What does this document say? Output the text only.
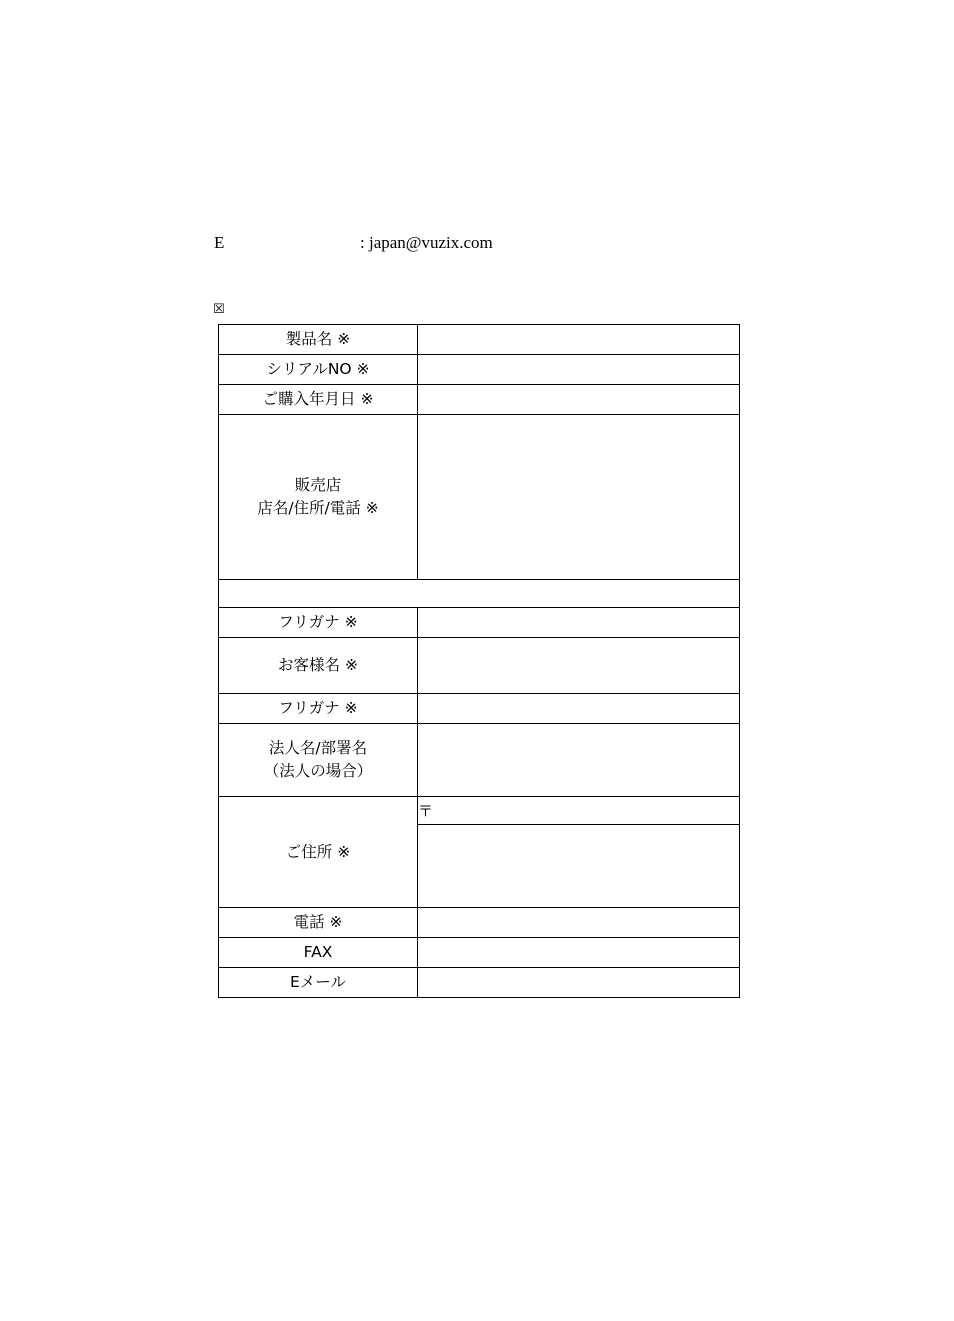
E	: japan@vuzix.com
☒
製品名 ※	
シリアルNO ※	
ご購入年月日 ※	

販売店
店名/住所/電話 ※	

フリガナ ※	
お客様名 ※	
フリガナ ※	

法人名/部署名
（法人の場合）	

ご住所 ※	〒

電話 ※	
FAX	
Eメール	
